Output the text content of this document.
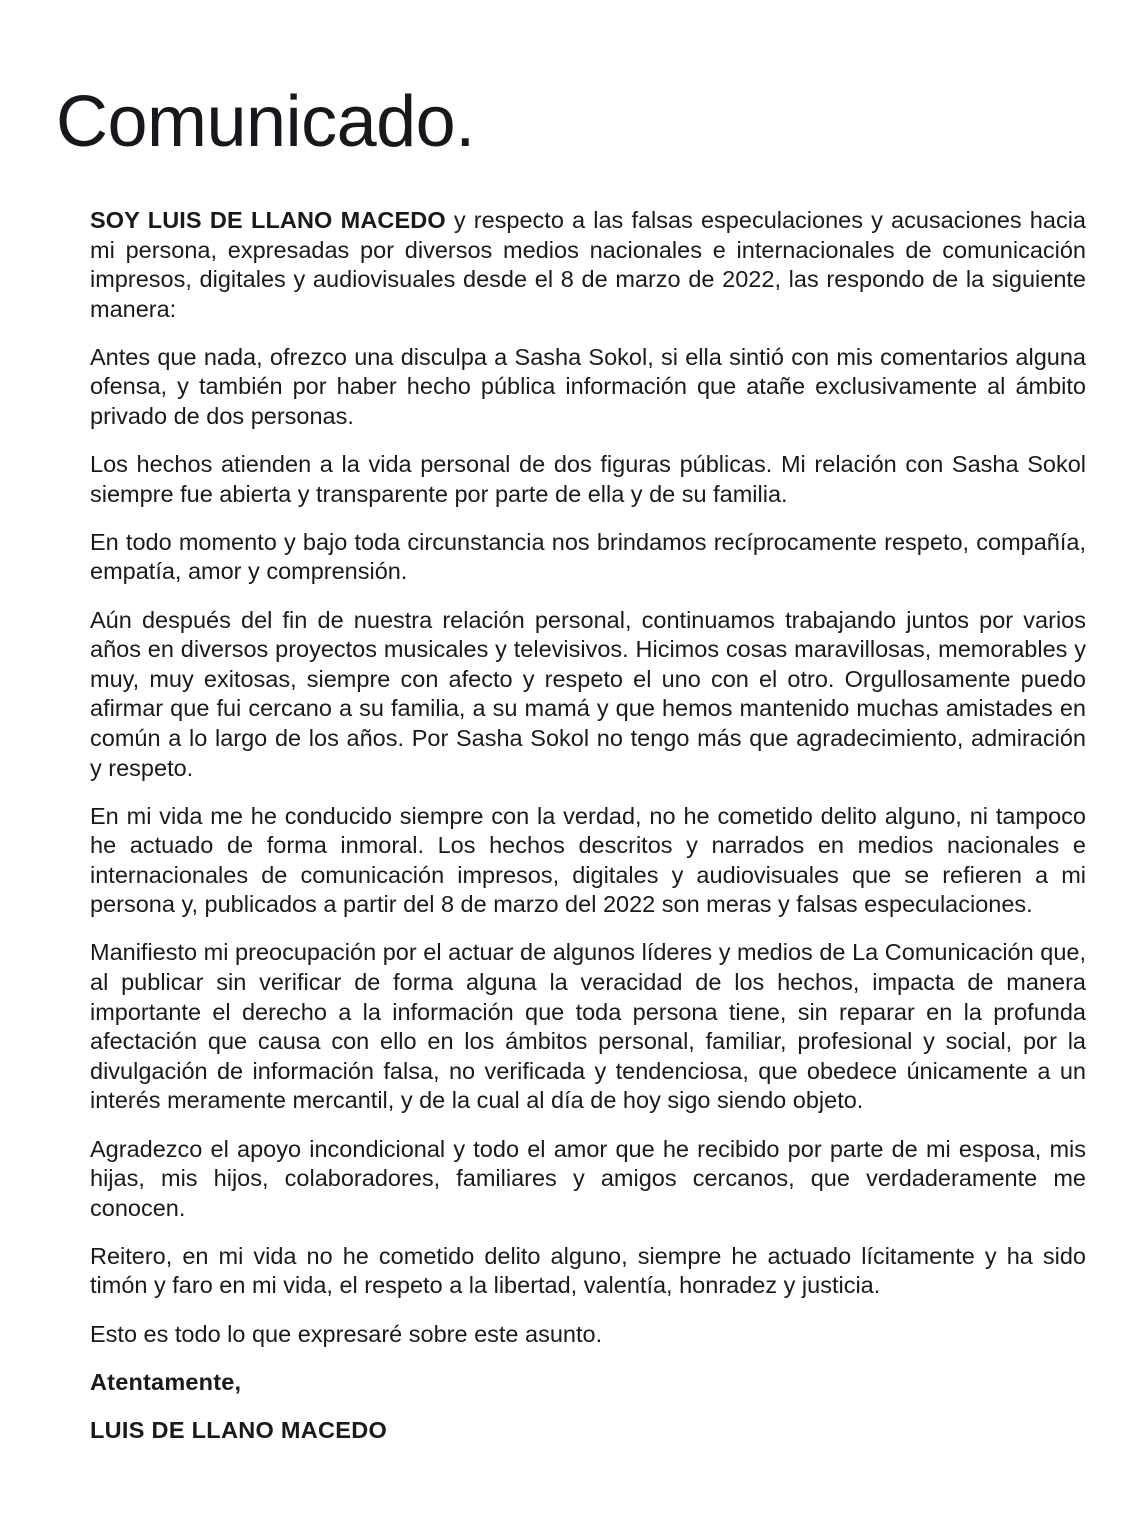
Comunicado.

SOY LUIS DE LLANO MACEDO y respecto a las falsas especulaciones y acusaciones hacia mi persona, expresadas por diversos medios nacionales e internacionales de comunicación impresos, digitales y audiovisuales desde el 8 de marzo de 2022, las respondo de la siguiente manera:

Antes que nada, ofrezco una disculpa a Sasha Sokol, si ella sintió con mis comentarios alguna ofensa, y también por haber hecho pública información que atañe exclusivamente al ámbito privado de dos personas.

Los hechos atienden a la vida personal de dos figuras públicas. Mi relación con Sasha Sokol siempre fue abierta y transparente por parte de ella y de su familia.

En todo momento y bajo toda circunstancia nos brindamos recíprocamente respeto, compañía, empatía, amor y comprensión.

Aún después del fin de nuestra relación personal, continuamos trabajando juntos por varios años en diversos proyectos musicales y televisivos. Hicimos cosas maravillosas, memorables y muy, muy exitosas, siempre con afecto y respeto el uno con el otro. Orgullosamente puedo afirmar que fui cercano a su familia, a su mamá y que hemos mantenido muchas amistades en común a lo largo de los años. Por Sasha Sokol no tengo más que agradecimiento, admiración y respeto.

En mi vida me he conducido siempre con la verdad, no he cometido delito alguno, ni tampoco he actuado de forma inmoral. Los hechos descritos y narrados en medios nacionales e internacionales de comunicación impresos, digitales y audiovisuales que se refieren a mi persona y, publicados a partir del 8 de marzo del 2022 son meras y falsas especulaciones.

Manifiesto mi preocupación por el actuar de algunos líderes y medios de La Comunicación que, al publicar sin verificar de forma alguna la veracidad de los hechos, impacta de manera importante el derecho a la información que toda persona tiene, sin reparar en la profunda afectación que causa con ello en los ámbitos personal, familiar, profesional y social, por la divulgación de información falsa, no verificada y tendenciosa, que obedece únicamente a un interés meramente mercantil, y de la cual al día de hoy sigo siendo objeto.

Agradezco el apoyo incondicional y todo el amor que he recibido por parte de mi esposa, mis hijas, mis hijos, colaboradores, familiares y amigos cercanos, que verdaderamente me conocen.

Reitero, en mi vida no he cometido delito alguno, siempre he actuado lícitamente y ha sido timón y faro en mi vida, el respeto a la libertad, valentía, honradez y justicia.

Esto es todo lo que expresaré sobre este asunto.

Atentamente,

LUIS DE LLANO MACEDO
